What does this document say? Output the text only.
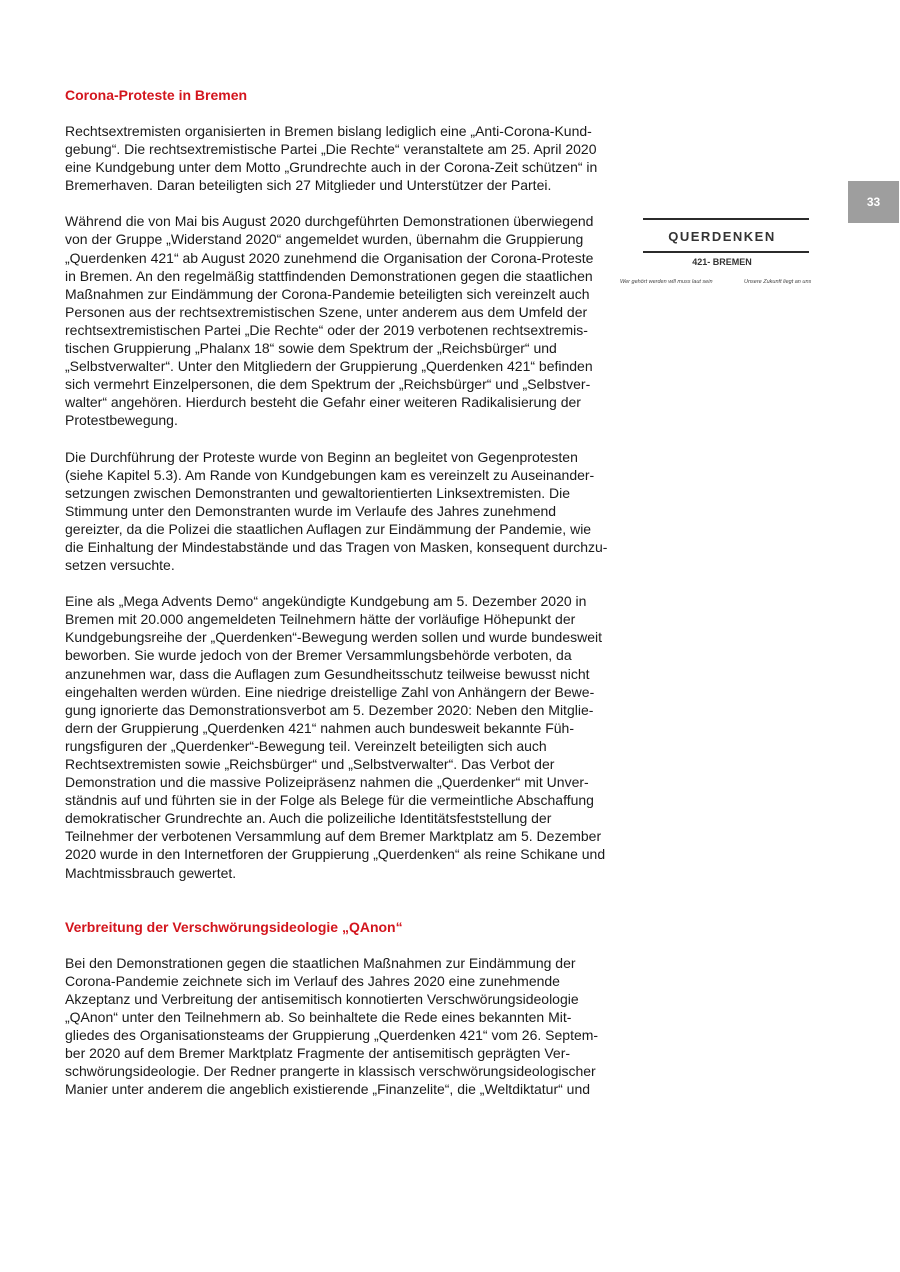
33
QUERDENKEN
421- BREMEN
Wer gehört werden will muss laut sein	Unsere Zukunft liegt an uns
Corona-Proteste in Bremen

Rechtsextremisten organisierten in Bremen bislang lediglich eine „Anti-Corona-Kund-
gebung“. Die rechtsextremistische Partei „Die Rechte“ veranstaltete am 25. April 2020
eine Kundgebung unter dem Motto „Grundrechte auch in der Corona-Zeit schützen“ in
Bremerhaven. Daran beteiligten sich 27 Mitglieder und Unterstützer der Partei.

Während die von Mai bis August 2020 durchgeführten Demonstrationen überwiegend
von der Gruppe „Widerstand 2020“ angemeldet wurden, übernahm die Gruppierung
„Querdenken 421“ ab August 2020 zunehmend die Organisation der Corona-Proteste
in Bremen. An den regelmäßig stattfindenden Demonstrationen gegen die staatlichen
Maßnahmen zur Eindämmung der Corona-Pandemie beteiligten sich vereinzelt auch
Personen aus der rechtsextremistischen Szene, unter anderem aus dem Umfeld der
rechtsextremistischen Partei „Die Rechte“ oder der 2019 verbotenen rechtsextremis-
tischen Gruppierung „Phalanx 18“ sowie dem Spektrum der „Reichsbürger“ und
„Selbstverwalter“. Unter den Mitgliedern der Gruppierung „Querdenken 421“ befinden
sich vermehrt Einzelpersonen, die dem Spektrum der „Reichsbürger“ und „Selbstver-
walter“ angehören. Hierdurch besteht die Gefahr einer weiteren Radikalisierung der
Protestbewegung.

Die Durchführung der Proteste wurde von Beginn an begleitet von Gegenprotesten
(siehe Kapitel 5.3). Am Rande von Kundgebungen kam es vereinzelt zu Auseinander-
setzungen zwischen Demonstranten und gewaltorientierten Linksextremisten. Die
Stimmung unter den Demonstranten wurde im Verlaufe des Jahres zunehmend
gereizter, da die Polizei die staatlichen Auflagen zur Eindämmung der Pandemie, wie
die Einhaltung der Mindestabstände und das Tragen von Masken, konsequent durchzu-
setzen versuchte.

Eine als „Mega Advents Demo“ angekündigte Kundgebung am 5. Dezember 2020 in
Bremen mit 20.000 angemeldeten Teilnehmern hätte der vorläufige Höhepunkt der
Kundgebungsreihe der „Querdenken“-Bewegung werden sollen und wurde bundesweit
beworben. Sie wurde jedoch von der Bremer Versammlungsbehörde verboten, da
anzunehmen war, dass die Auflagen zum Gesundheitsschutz teilweise bewusst nicht
eingehalten werden würden. Eine niedrige dreistellige Zahl von Anhängern der Bewe-
gung ignorierte das Demonstrationsverbot am 5. Dezember 2020: Neben den Mitglie-
dern der Gruppierung „Querdenken 421“ nahmen auch bundesweit bekannte Füh-
rungsfiguren der „Querdenker“-Bewegung teil. Vereinzelt beteiligten sich auch
Rechtsextremisten sowie „Reichsbürger“ und „Selbstverwalter“. Das Verbot der
Demonstration und die massive Polizeipräsenz nahmen die „Querdenker“ mit Unver-
ständnis auf und führten sie in der Folge als Belege für die vermeintliche Abschaffung
demokratischer Grundrechte an. Auch die polizeiliche Identitätsfeststellung der
Teilnehmer der verbotenen Versammlung auf dem Bremer Marktplatz am 5. Dezember
2020 wurde in den Internetforen der Gruppierung „Querdenken“ als reine Schikane und
Machtmissbrauch gewertet.

Verbreitung der Verschwörungsideologie „QAnon“

Bei den Demonstrationen gegen die staatlichen Maßnahmen zur Eindämmung der
Corona-Pandemie zeichnete sich im Verlauf des Jahres 2020 eine zunehmende
Akzeptanz und Verbreitung der antisemitisch konnotierten Verschwörungsideologie
„QAnon“ unter den Teilnehmern ab. So beinhaltete die Rede eines bekannten Mit-
gliedes des Organisationsteams der Gruppierung „Querdenken 421“ vom 26. Septem-
ber 2020 auf dem Bremer Marktplatz Fragmente der antisemitisch geprägten Ver-
schwörungsideologie. Der Redner prangerte in klassisch verschwörungsideologischer
Manier unter anderem die angeblich existierende „Finanzelite“, die „Weltdiktatur“ und
